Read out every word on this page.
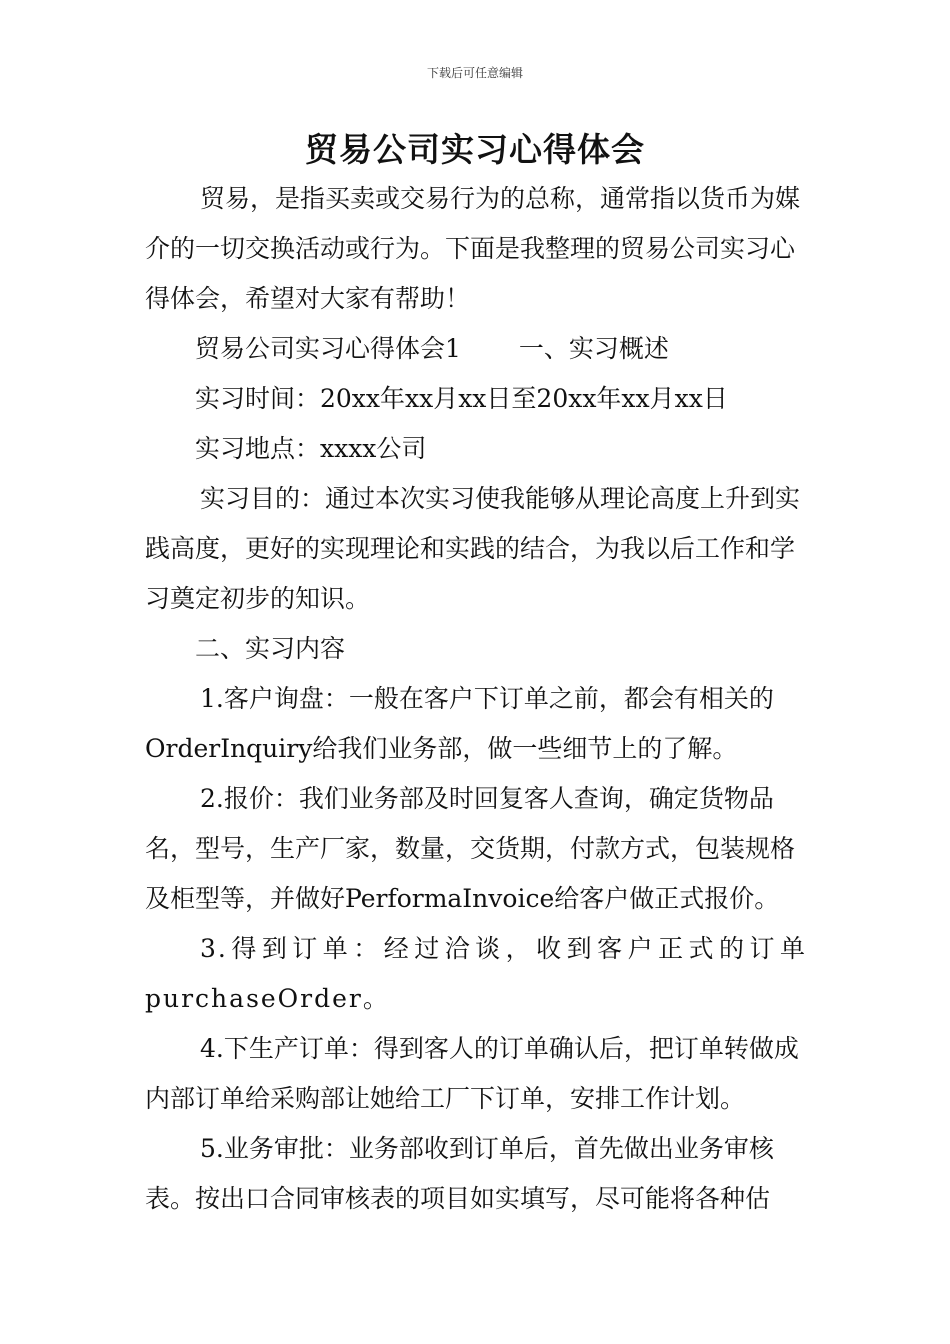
下载后可任意编辑
贸易公司实习心得体会

贸易，是指买卖或交易行为的总称，通常指以货币为媒介的一切交换活动或行为。下面是我整理的贸易公司实习心得体会，希望对大家有帮助！

贸易公司实习心得体会1 一、实习概述

实习时间：20xx年xx月xx日至20xx年xx月xx日

实习地点：xxxx公司

实习目的：通过本次实习使我能够从理论高度上升到实践高度，更好的实现理论和实践的结合，为我以后工作和学习奠定初步的知识。

二、实习内容

1.客户询盘：一般在客户下订单之前，都会有相关的OrderInquiry给我们业务部，做一些细节上的了解。

2.报价：我们业务部及时回复客人查询，确定货物品名，型号，生产厂家，数量，交货期，付款方式，包装规格及柜型等，并做好PerformaInvoice给客户做正式报价。

3.得到订单：经过洽谈，收到客户正式的订单purchaseOrder。

4.下生产订单：得到客人的订单确认后，把订单转做成内部订单给采购部让她给工厂下订单，安排工作计划。

5.业务审批：业务部收到订单后，首先做出业务审核表。按出口合同审核表的项目如实填写，尽可能将各种估
